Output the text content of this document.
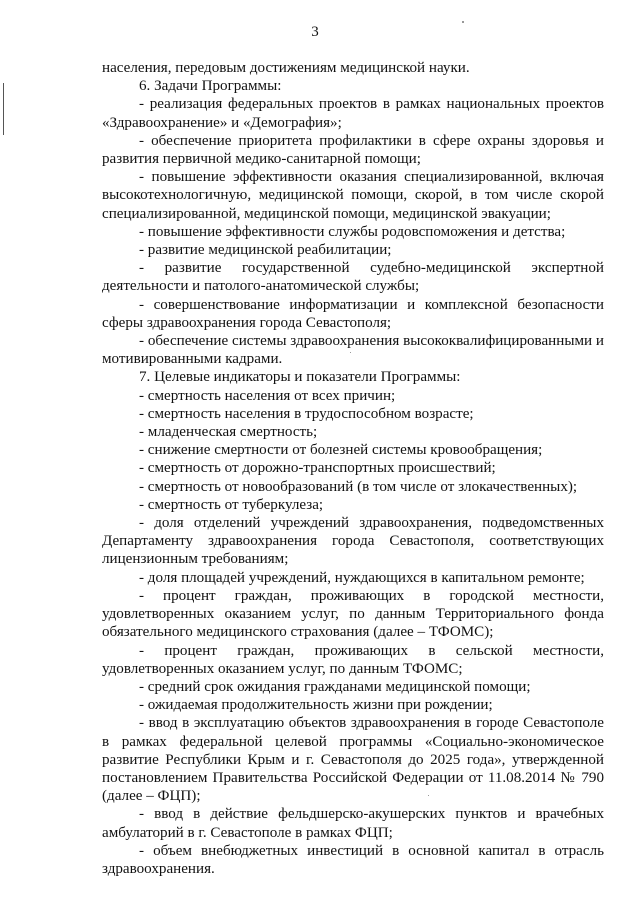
3

населения, передовым достижениям медицинской науки.

6. Задачи Программы:

- реализация федеральных проектов в рамках национальных проектов «Здравоохранение» и «Демография»;

- обеспечение приоритета профилактики в сфере охраны здоровья и развития первичной медико-санитарной помощи;

- повышение эффективности оказания специализированной, включая высокотехнологичную, медицинской помощи, скорой, в том числе скорой специализированной, медицинской помощи, медицинской эвакуации;

- повышение эффективности службы родовспоможения и детства;

- развитие медицинской реабилитации;

- развитие государственной судебно-медицинской экспертной деятельности и патолого-анатомической службы;

- совершенствование информатизации и комплексной безопасности сферы здравоохранения города Севастополя;

- обеспечение системы здравоохранения высококвалифицированными и мотивированными кадрами.

7. Целевые индикаторы и показатели Программы:

- смертность населения от всех причин;

- смертность населения в трудоспособном возрасте;

- младенческая смертность;

- снижение смертности от болезней системы кровообращения;

- смертность от дорожно-транспортных происшествий;

- смертность от новообразований (в том числе от злокачественных);

- смертность от туберкулеза;

- доля отделений учреждений здравоохранения, подведомственных Департаменту здравоохранения города Севастополя, соответствующих лицензионным требованиям;

- доля площадей учреждений, нуждающихся в капитальном ремонте;

- процент граждан, проживающих в городской местности, удовлетворенных оказанием услуг, по данным Территориального фонда обязательного медицинского страхования (далее – ТФОМС);

- процент граждан, проживающих в сельской местности, удовлетворенных оказанием услуг, по данным ТФОМС;

- средний срок ожидания гражданами медицинской помощи;

- ожидаемая продолжительность жизни при рождении;

- ввод в эксплуатацию объектов здравоохранения в городе Севастополе в рамках федеральной целевой программы «Социально-экономическое развитие Республики Крым и г. Севастополя до 2025 года», утвержденной постановлением Правительства Российской Федерации от 11.08.2014 № 790 (далее – ФЦП);

- ввод в действие фельдшерско-акушерских пунктов и врачебных амбулаторий в г. Севастополе в рамках ФЦП;

- объем внебюджетных инвестиций в основной капитал в отрасль здравоохранения.
